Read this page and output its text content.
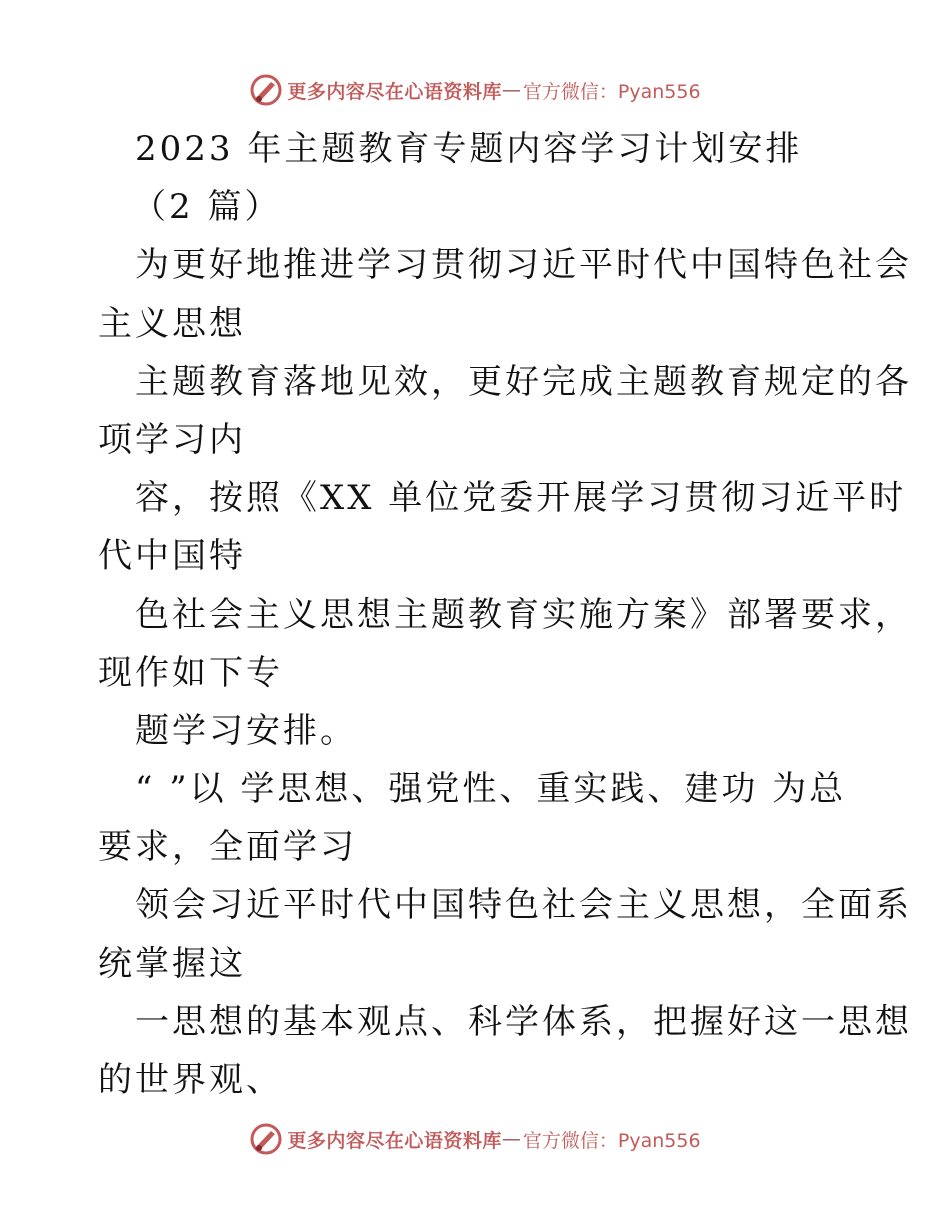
更多内容尽在心语资料库 — 官方微信：Pyan556
2023 年主题教育专题内容学习计划安排
（2 篇）
为更好地推进学习贯彻习近平时代中国特色社会
主义思想
主题教育落地见效，更好完成主题教育规定的各
项学习内
容，按照《XX 单位党委开展学习贯彻习近平时
代中国特
色社会主义思想主题教育实施方案》部署要求，
现作如下专
题学习安排。
“ ”以 学思想、强党性、重实践、建功 为总
要求，全面学习
领会习近平时代中国特色社会主义思想，全面系
统掌握这
一思想的基本观点、科学体系，把握好这一思想
的世界观、
更多内容尽在心语资料库 — 官方微信：Pyan556
